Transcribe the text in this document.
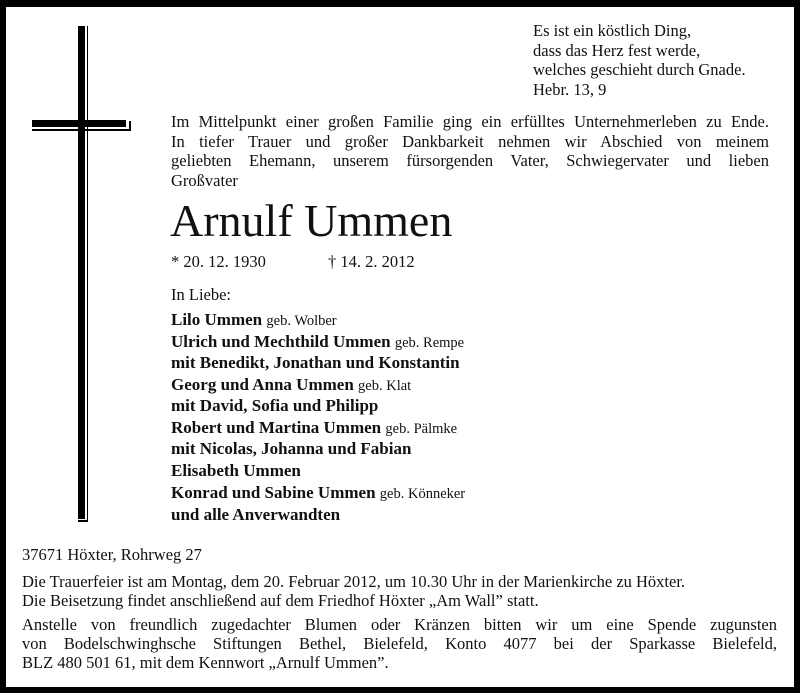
Es ist ein köstlich Ding,
dass das Herz fest werde,
welches geschieht durch Gnade.
Hebr. 13, 9
Im Mittelpunkt einer großen Familie ging ein erfülltes Unternehmerleben zu Ende.
In tiefer Trauer und großer Dankbarkeit nehmen wir Abschied von meinem
geliebten Ehemann, unserem fürsorgenden Vater, Schwiegervater und lieben
Großvater
Arnulf Ummen
* 20. 12. 1930	† 14. 2. 2012
In Liebe:
Lilo Ummen geb. Wolber
Ulrich und Mechthild Ummen geb. Rempe
mit Benedikt, Jonathan und Konstantin
Georg und Anna Ummen geb. Klat
mit David, Sofia und Philipp
Robert und Martina Ummen geb. Pälmke
mit Nicolas, Johanna und Fabian
Elisabeth Ummen
Konrad und Sabine Ummen geb. Könneker
und alle Anverwandten
37671 Höxter, Rohrweg 27
Die Trauerfeier ist am Montag, dem 20. Februar 2012, um 10.30 Uhr in der Marienkirche zu Höxter.
Die Beisetzung findet anschließend auf dem Friedhof Höxter „Am Wall” statt.
Anstelle von freundlich zugedachter Blumen oder Kränzen bitten wir um eine Spende zugunsten
von Bodelschwinghsche Stiftungen Bethel, Bielefeld, Konto 4077 bei der Sparkasse Bielefeld,
BLZ 480 501 61, mit dem Kennwort „Arnulf Ummen”.
